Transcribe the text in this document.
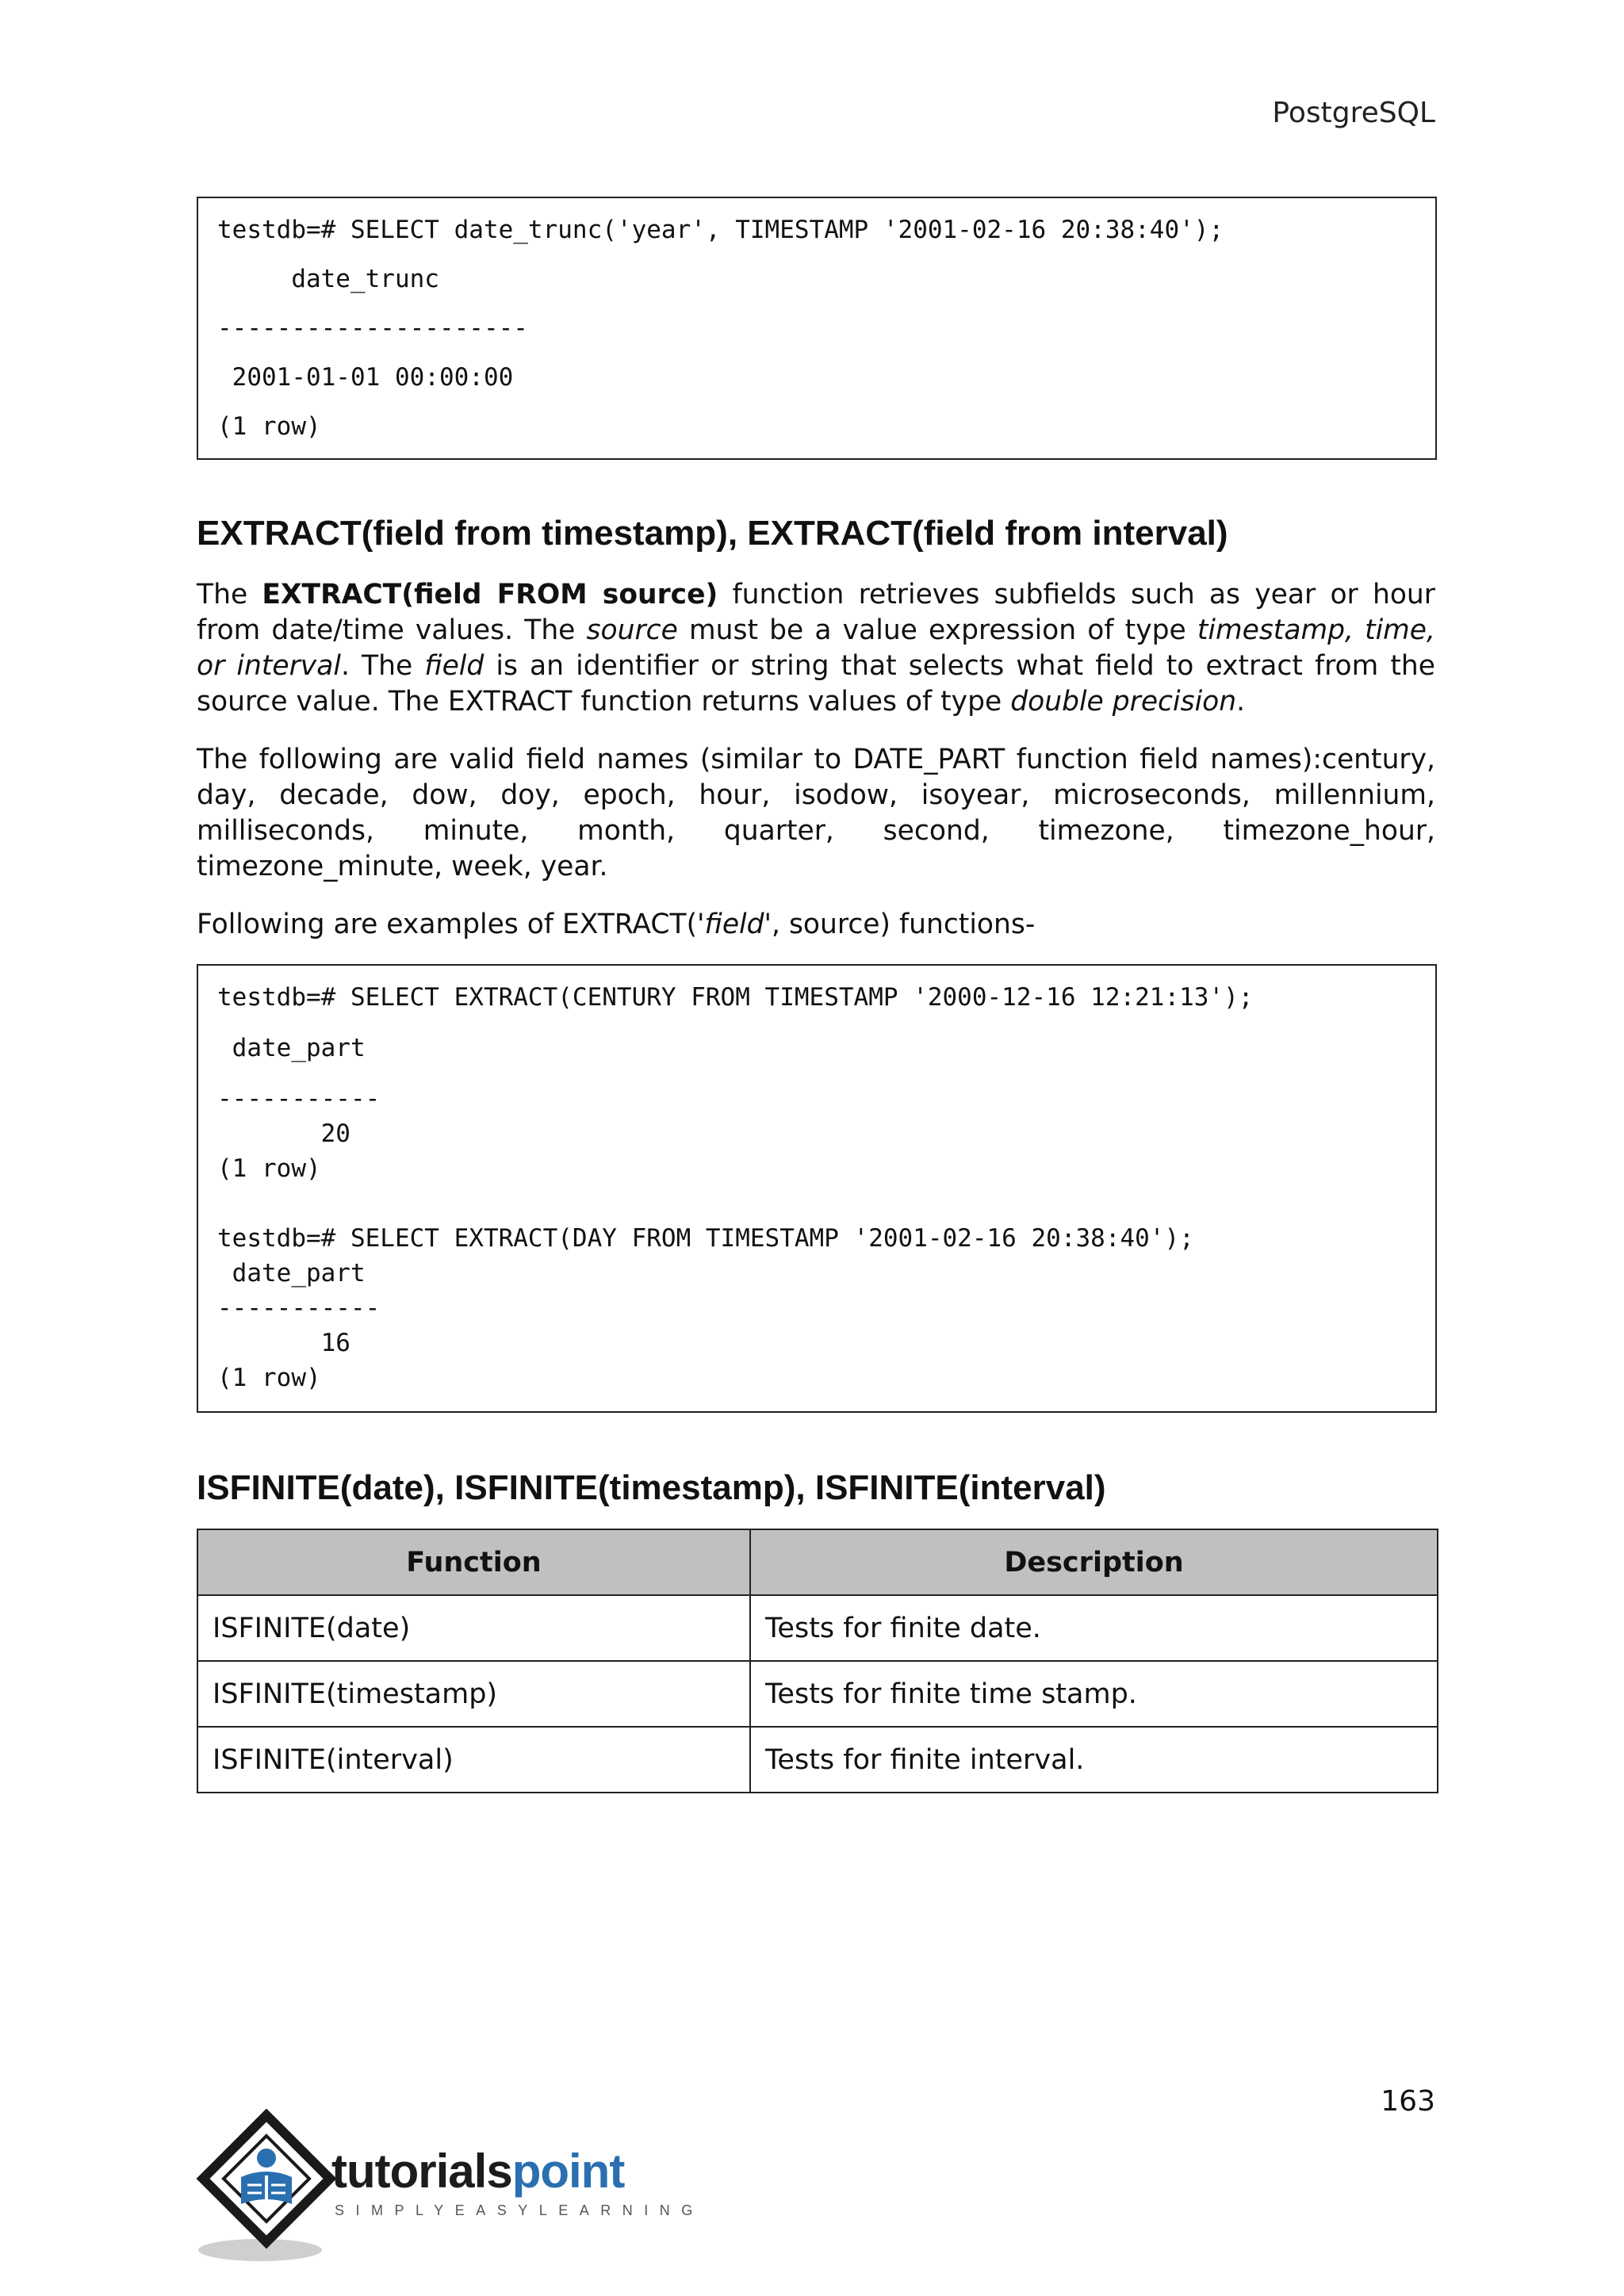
PostgreSQL
testdb=# SELECT date_trunc('year', TIMESTAMP '2001-02-16 20:38:40');
date_trunc
---------------------
2001-01-01 00:00:00
(1 row)
EXTRACT(field from timestamp), EXTRACT(field from interval)
The EXTRACT(field FROM source) function retrieves subfields such as year or hour from date/time values. The source must be a value expression of type timestamp, time, or interval. The field is an identifier or string that selects what field to extract from the source value. The EXTRACT function returns values of type double precision.
The following are valid field names (similar to DATE_PART function field names):century, day, decade, dow, doy, epoch, hour, isodow, isoyear, microseconds, millennium, milliseconds, minute, month, quarter, second, timezone, timezone_hour, timezone_minute, week, year.
Following are examples of EXTRACT('field', source) functions-
testdb=# SELECT EXTRACT(CENTURY FROM TIMESTAMP '2000-12-16 12:21:13');
date_part
-----------
20
(1 row)
testdb=# SELECT EXTRACT(DAY FROM TIMESTAMP '2001-02-16 20:38:40');
date_part
-----------
16
(1 row)
ISFINITE(date), ISFINITE(timestamp), ISFINITE(interval)
Function	Description
ISFINITE(date)	Tests for finite date.
ISFINITE(timestamp)	Tests for finite time stamp.
ISFINITE(interval)	Tests for finite interval.
163
tutorialspoint
SIMPLYEASYLEARNING
